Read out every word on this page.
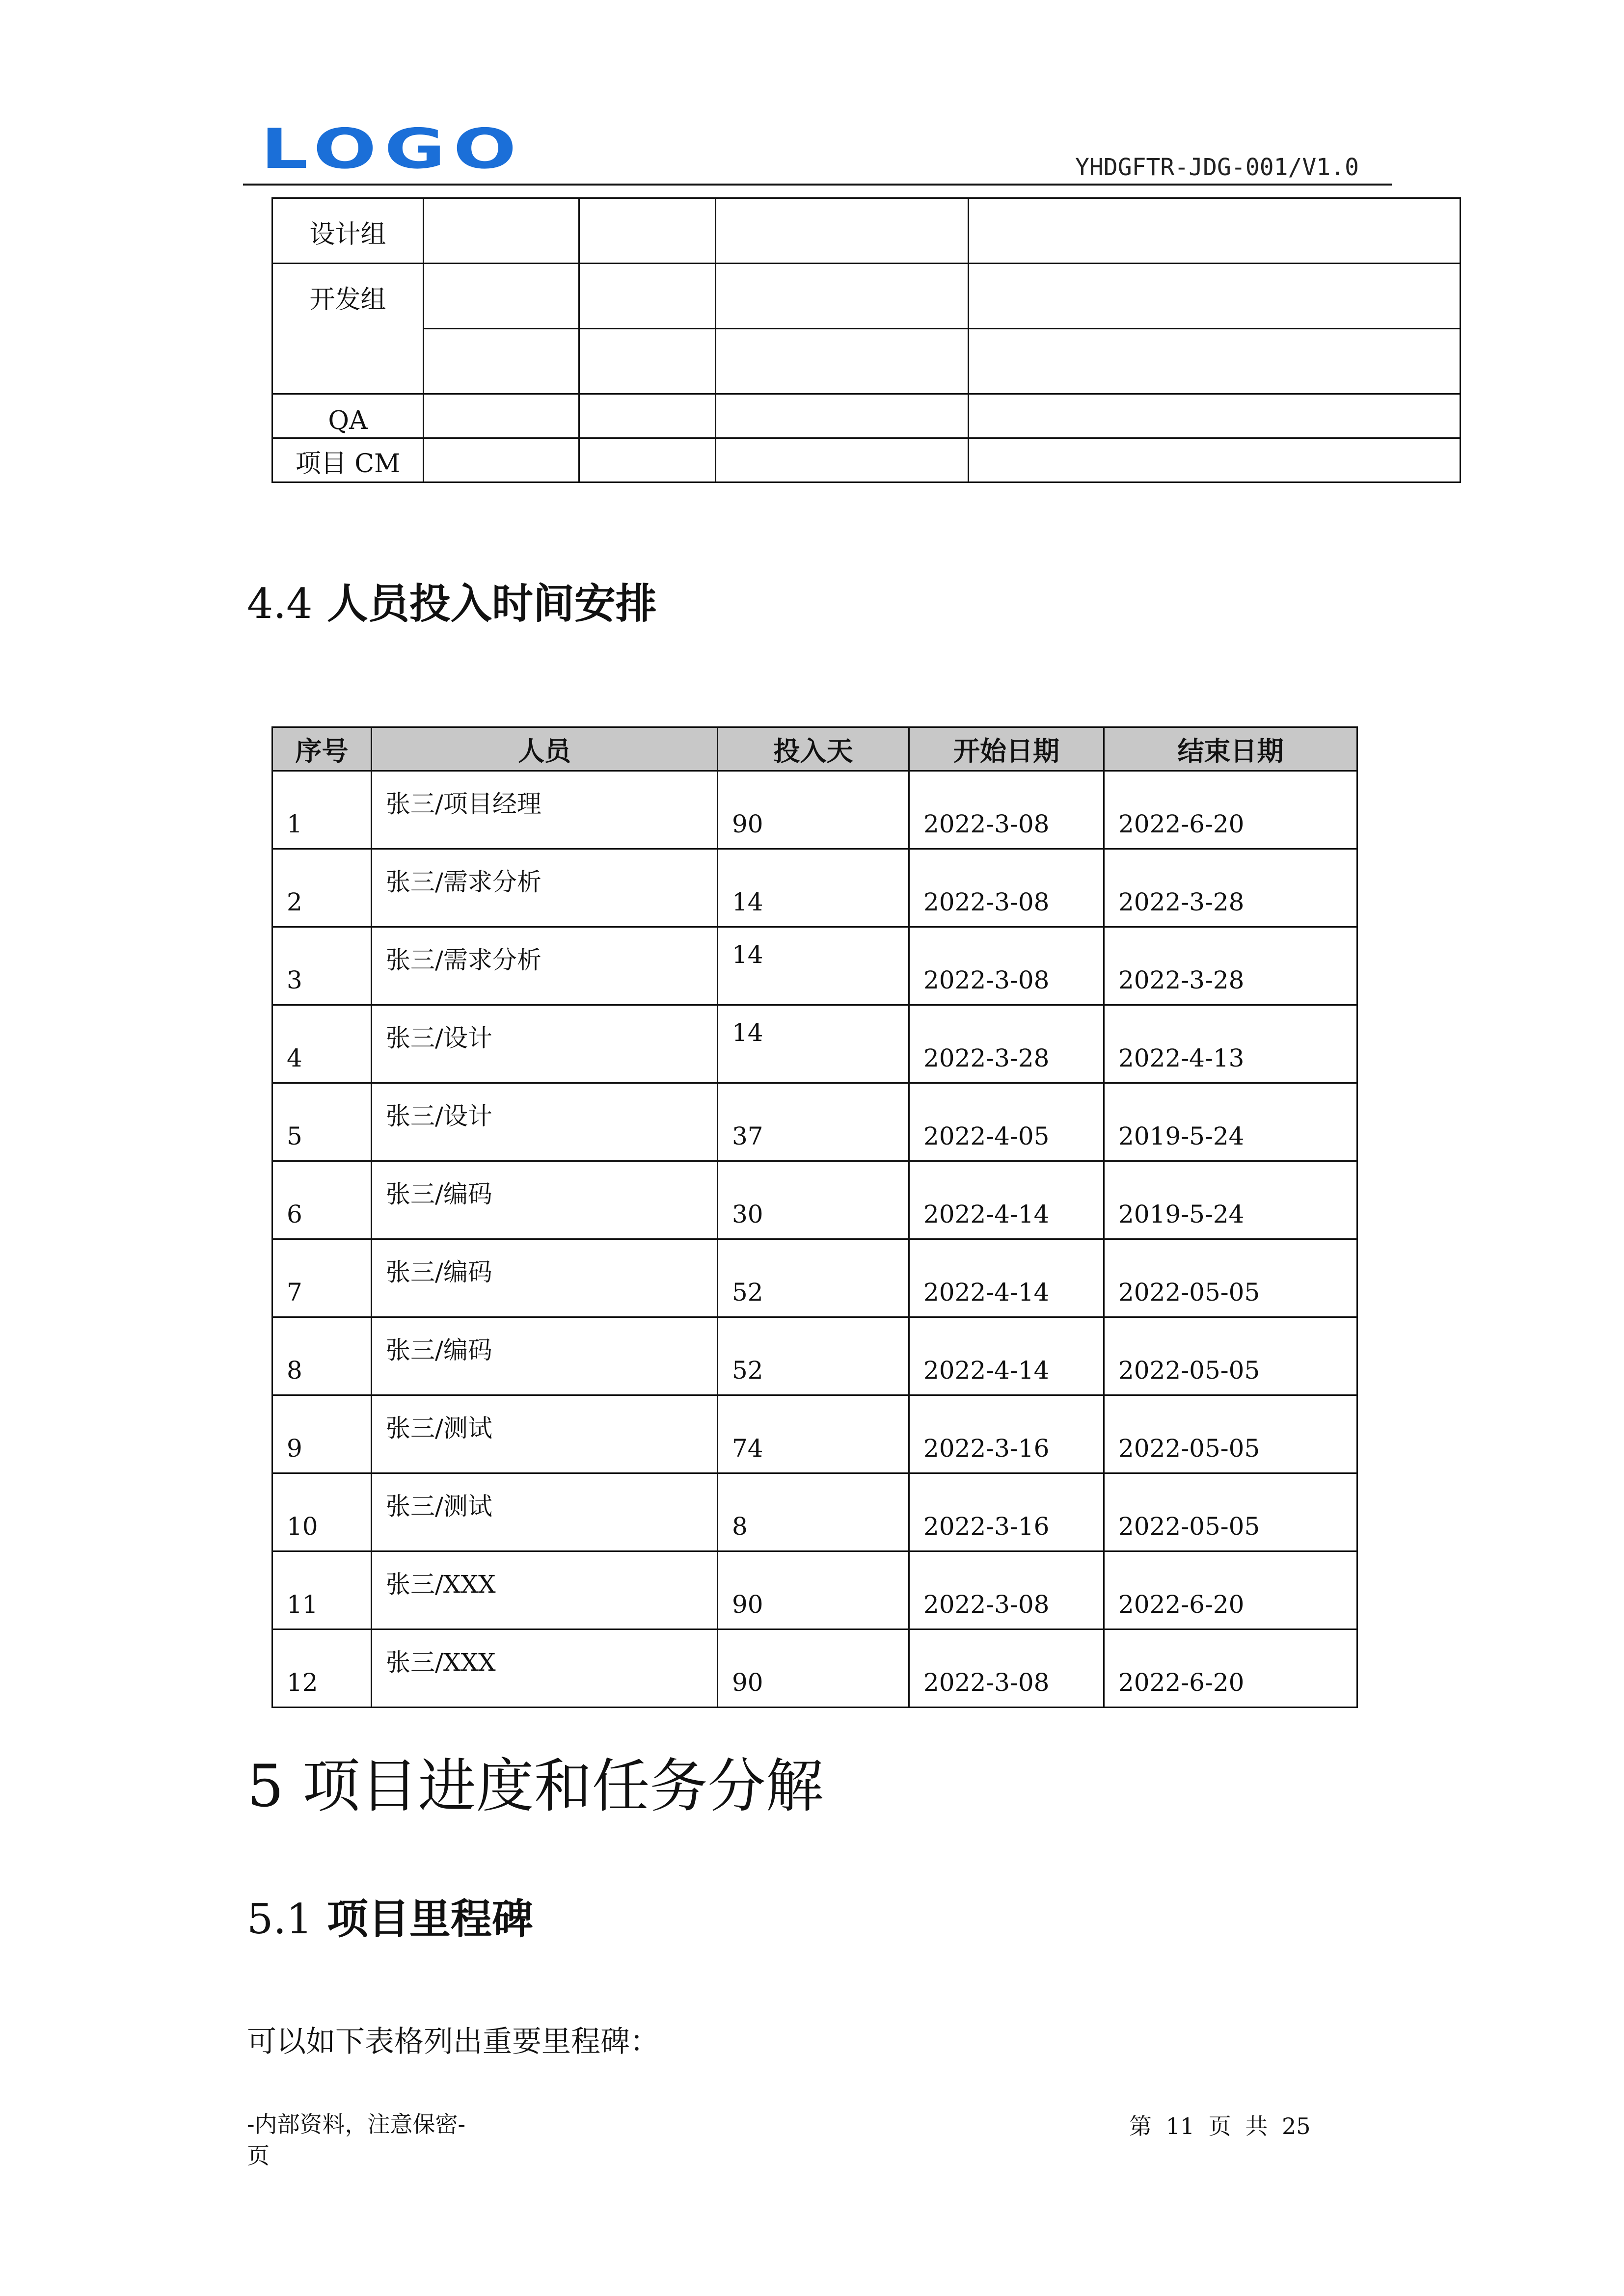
LOGO	YHDGFTR-JDG-001/V1.0
设计组				
开发组				

QA				
项目 CM				
4.4 人员投入时间安排
序号	人员	投入天	开始日期	结束日期
1	张三/项目经理	90	2022-3-08	2022-6-20
2	张三/需求分析	14	2022-3-08	2022-3-28
3	张三/需求分析	14	2022-3-08	2022-3-28
4	张三/设计	14	2022-3-28	2022-4-13
5	张三/设计	37	2022-4-05	2019-5-24
6	张三/编码	30	2022-4-14	2019-5-24
7	张三/编码	52	2022-4-14	2022-05-05
8	张三/编码	52	2022-4-14	2022-05-05
9	张三/测试	74	2022-3-16	2022-05-05
10	张三/测试	8	2022-3-16	2022-05-05
11	张三/XXX	90	2022-3-08	2022-6-20
12	张三/XXX	90	2022-3-08	2022-6-20
5 项目进度和任务分解
5.1 项目里程碑
可以如下表格列出重要里程碑：
-内部资料，注意保密-
页
第 11 页 共 25
